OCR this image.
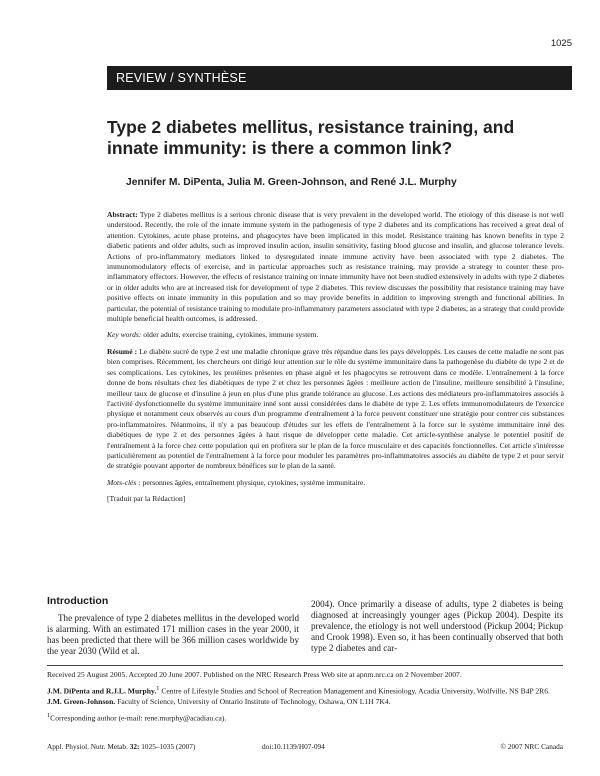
1025
REVIEW / SYNTHÈSE
Type 2 diabetes mellitus, resistance training, and innate immunity: is there a common link?
Jennifer M. DiPenta, Julia M. Green-Johnson, and René J.L. Murphy

Abstract: Type 2 diabetes mellitus is a serious chronic disease that is very prevalent in the developed world. The etiology of this disease is not well understood. Recently, the role of the innate immune system in the pathogenesis of type 2 diabetes and its complications has received a great deal of attention. Cytokines, acute phase proteins, and phagocytes have been implicated in this model. Resistance training has known benefits in type 2 diabetic patients and older adults, such as improved insulin action, insulin sensitivity, fasting blood glucose and insulin, and glucose tolerance levels. Actions of pro-inflammatory mediators linked to dysregulated innate immune activity have been associated with type 2 diabetes. The immunomodulatory effects of exercise, and in particular approaches such as resistance training, may provide a strategy to counter these pro-inflammatory effectors. However, the effects of resistance training on innate immunity have not been studied extensively in adults with type 2 diabetes or in older adults who are at increased risk for development of type 2 diabetes. This review discusses the possibility that resistance training may have positive effects on innate immunity in this population and so may provide benefits in addition to improving strength and functional abilities. In particular, the potential of resistance training to modulate pro-inflammatory parameters associated with type 2 diabetes, as a strategy that could provide multiple beneficial health outcomes, is addressed.

Key words: older adults, exercise training, cytokines, immune system.

Résumé : Le diabète sucré de type 2 est une maladie chronique grave très répandue dans les pays développés. Les causes de cette maladie ne sont pas bien comprises. Récemment, les chercheurs ont dirigé leur attention sur le rôle du système immunitaire dans la pathogenèse du diabète de type 2 et de ses complications. Les cytokines, les protéines présentes en phase aiguë et les phagocytes se retrouvent dans ce modèle. L'entraînement à la force donne de bons résultats chez les diabétiques de type 2 et chez les personnes âgées : meilleure action de l'insuline, meilleure sensibilité à l'insuline, meilleur taux de glucose et d'insuline à jeun en plus d'une plus grande tolérance au glucose. Les actions des médiateurs pro-inflammatoires associés à l'activité dysfonctionnelle du système immunitaire inné sont aussi considérées dans le diabète de type 2. Les effets immunomodulateurs de l'exercice physique et notamment ceux observés au cours d'un programme d'entraînement à la force peuvent constituer une stratégie pour contrer ces substances pro-inflammatoires. Néanmoins, il n'y a pas beaucoup d'études sur les effets de l'entraînement à la force sur le système immunitaire inné des diabétiques de type 2 et des personnes âgées à haut risque de développer cette maladie. Cet article-synthèse analyse le potentiel positif de l'entraînement à la force chez cette population qui en profitera sur le plan de la force musculaire et des capacités fonctionnelles. Cet article s'intéresse particulièrement au potentiel de l'entraînement à la force pour moduler les paramètres pro-inflammatoires associés au diabète de type 2 et pour servir de stratégie pouvant apporter de nombreux bénéfices sur le plan de la santé.

Mots-clés : personnes âgées, entraînement physique, cytokines, système immunitaire.

[Traduit par la Rédaction]

Introduction
The prevalence of type 2 diabetes mellitus in the developed world is alarming. With an estimated 171 million cases in the year 2000, it has been predicted that there will be 366 million cases worldwide by the year 2030 (Wild et al.
2004). Once primarily a disease of adults, type 2 diabetes is being diagnosed at increasingly younger ages (Pickup 2004). Despite its prevalence, the etiology is not well understood (Pickup 2004; Pickup and Crook 1998). Even so, it has been continually observed that both type 2 diabetes and car-

Received 25 August 2005. Accepted 20 June 2007. Published on the NRC Research Press Web site at apnm.nrc.ca on 2 November 2007.

J.M. DiPenta and R.J.L. Murphy.$^1$ Centre of Lifestyle Studies and School of Recreation Management and Kinesiology, Acadia University, Wolfville, NS B4P 2R6.
J.M. Green-Johnson. Faculty of Science, University of Ontario Institute of Technology, Oshawa, ON L1H 7K4.

$^1$Corresponding author (e-mail: rene.murphy@acadiau.ca).

Appl. Physiol. Nutr. Metab. 32: 1025–1035 (2007)	doi:10.1139/H07-094	© 2007 NRC Canada
